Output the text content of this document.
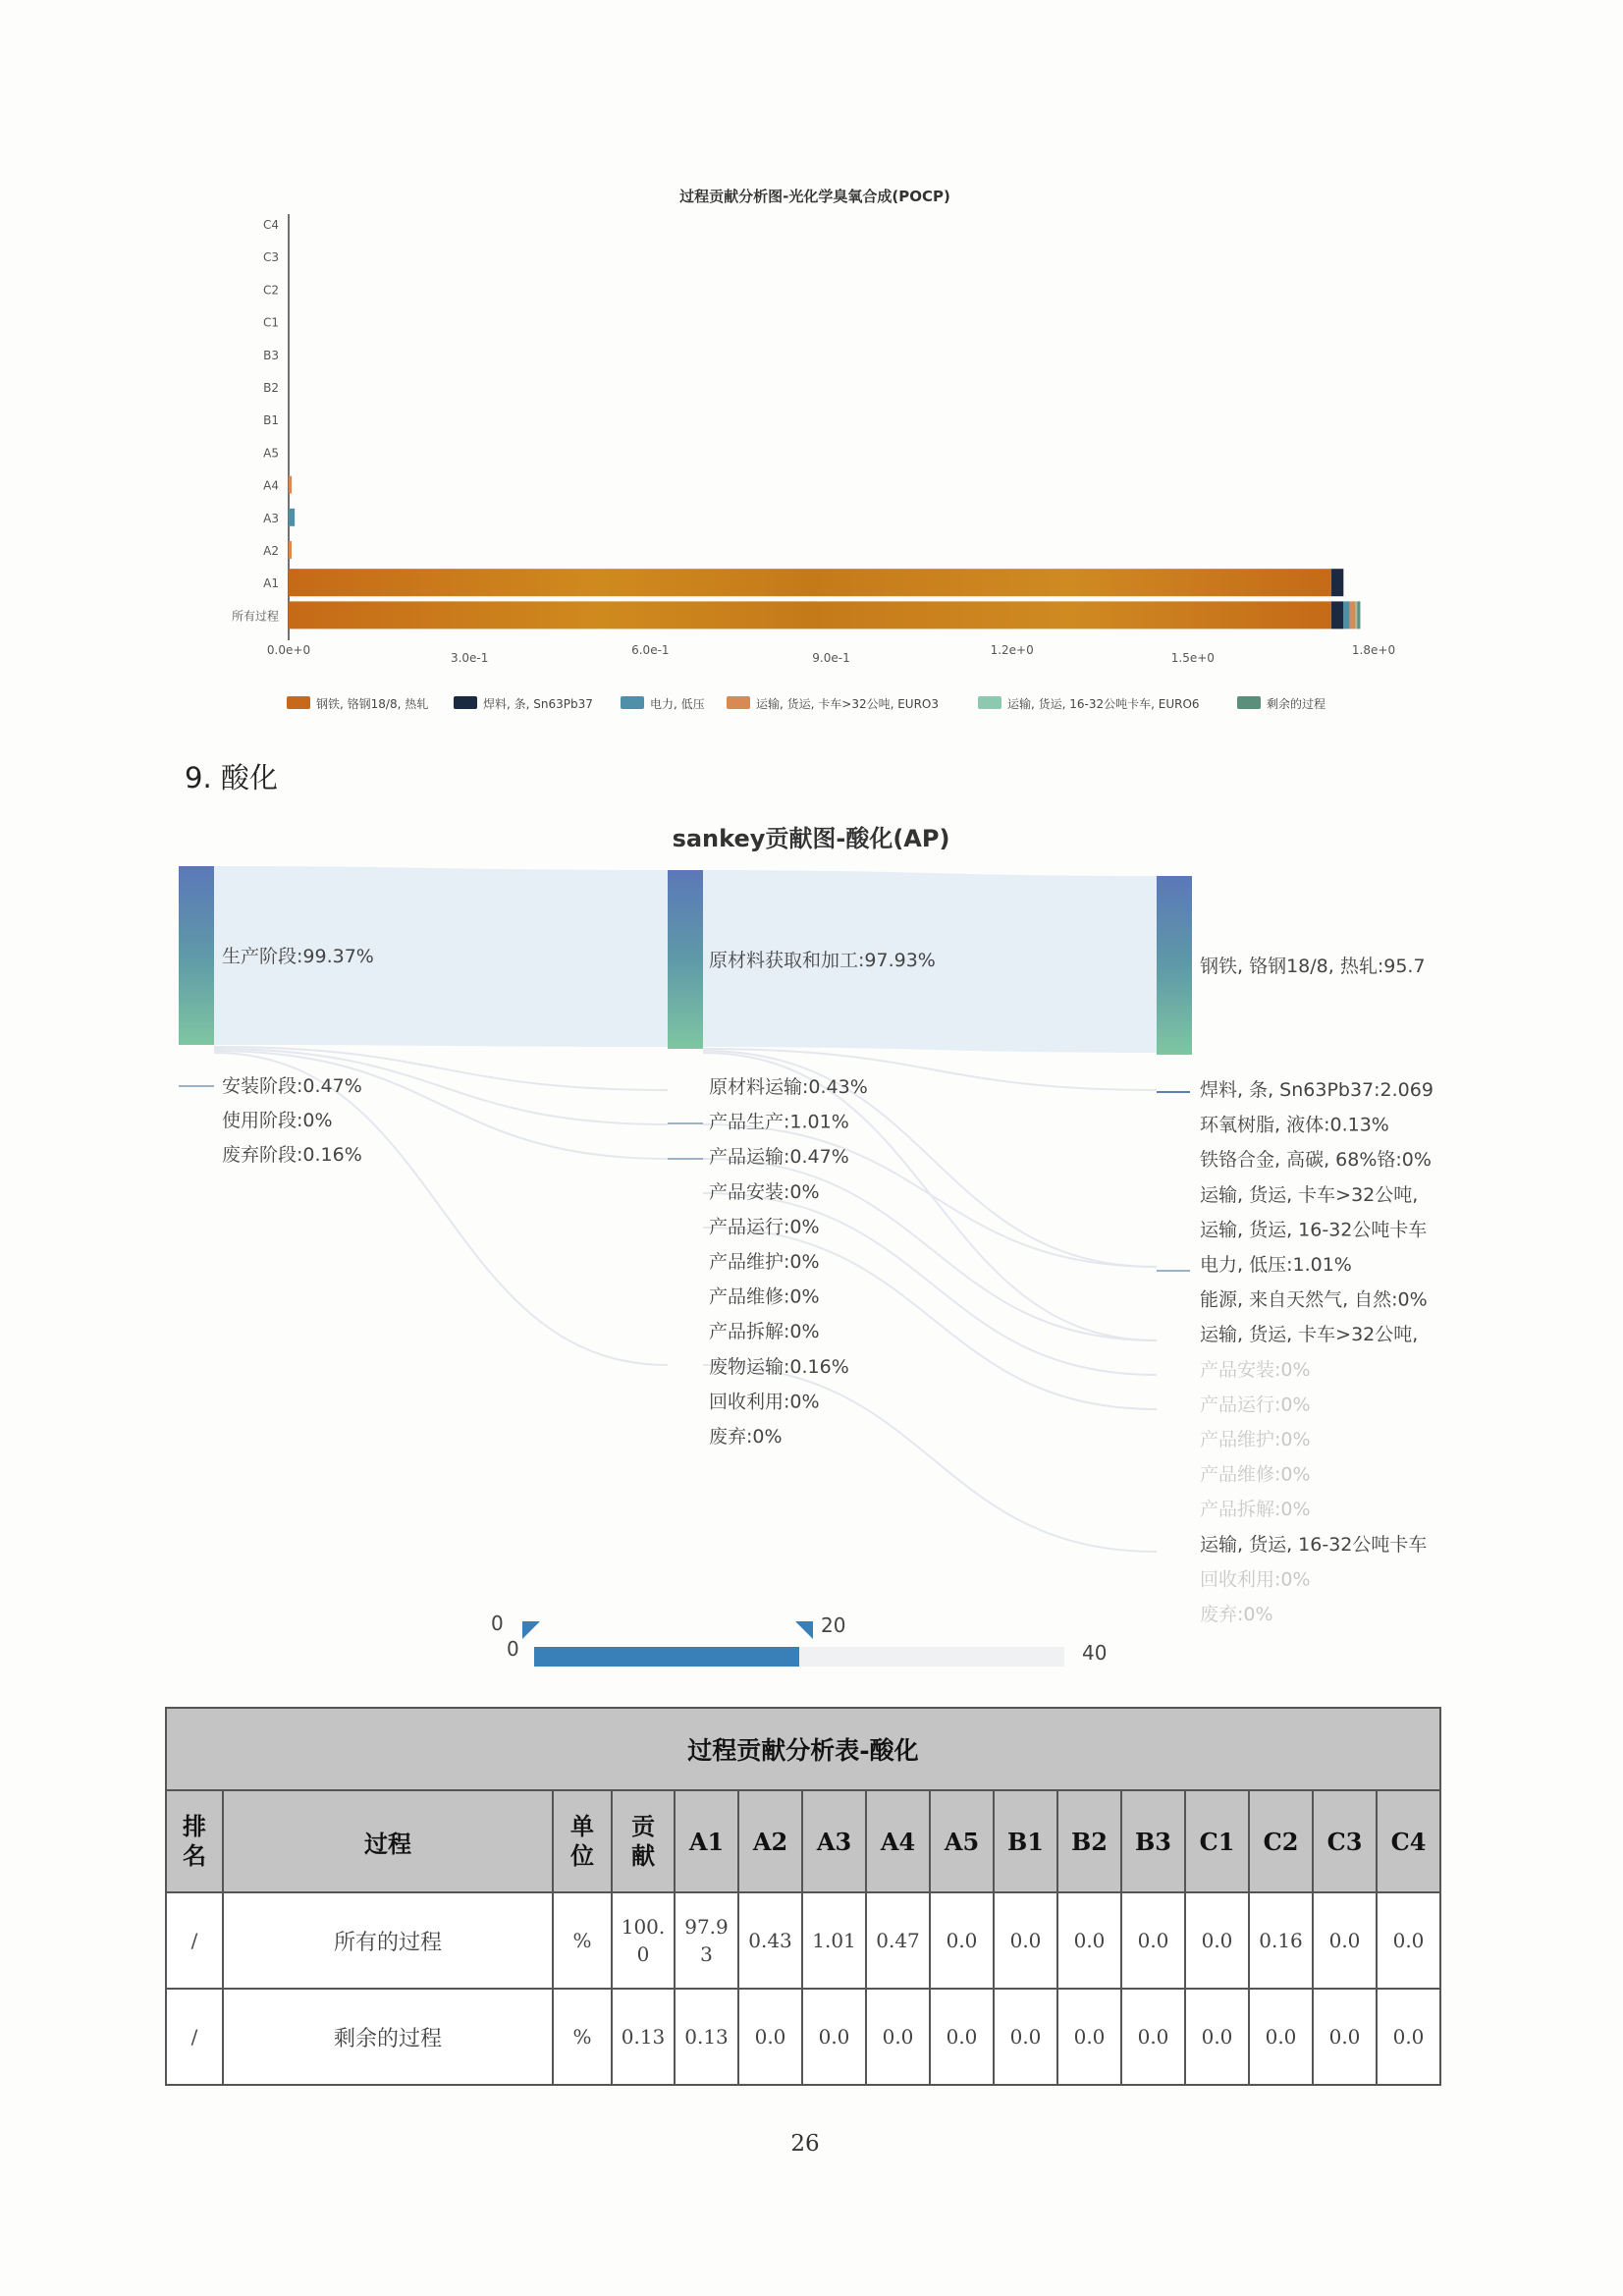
过程贡献分析图-光化学臭氧合成(POCP)
C4
C3
C2
C1
B3
B2
B1
A5
A4
A3
A2
A1
所有过程
0.0e+0
3.0e-1
6.0e-1
9.0e-1
1.2e+0
1.5e+0
1.8e+0
钢铁, 铬钢18/8, 热轧	焊料, 条, Sn63Pb37	电力, 低压	运输, 货运, 卡车>32公吨, EURO3	运输, 货运, 16-32公吨卡车, EURO6	剩余的过程
9. 酸化
sankey贡献图-酸化(AP)
生产阶段:99.37%
安装阶段:0.47%
使用阶段:0%
废弃阶段:0.16%
原材料获取和加工:97.93%
原材料运输:0.43%
产品生产:1.01%
产品运输:0.47%
产品安装:0%
产品运行:0%
产品维护:0%
产品维修:0%
产品拆解:0%
废物运输:0.16%
回收利用:0%
废弃:0%
钢铁, 铬钢18/8, 热轧:95.7
焊料, 条, Sn63Pb37:2.069
环氧树脂, 液体:0.13%
铁铬合金, 高碳, 68%铬:0%
运输, 货运, 卡车>32公吨,
运输, 货运, 16-32公吨卡车
电力, 低压:1.01%
能源, 来自天然气, 自然:0%
运输, 货运, 卡车>32公吨,
产品安装:0%
产品运行:0%
产品维护:0%
产品维修:0%
产品拆解:0%
运输, 货运, 16-32公吨卡车
回收利用:0%
废弃:0%
0
0
20
40
过程贡献分析表-酸化															
排名	过程	单位	贡献	A1	A2	A3	A4	A5	B1	B2	B3	C1	C2	C3	C4
/	所有的过程	%	100.0	97.93	0.43	1.01	0.47	0.0	0.0	0.0	0.0	0.0	0.16	0.0	0.0
/	剩余的过程	%	0.13	0.13	0.0	0.0	0.0	0.0	0.0	0.0	0.0	0.0	0.0	0.0	0.0
26
